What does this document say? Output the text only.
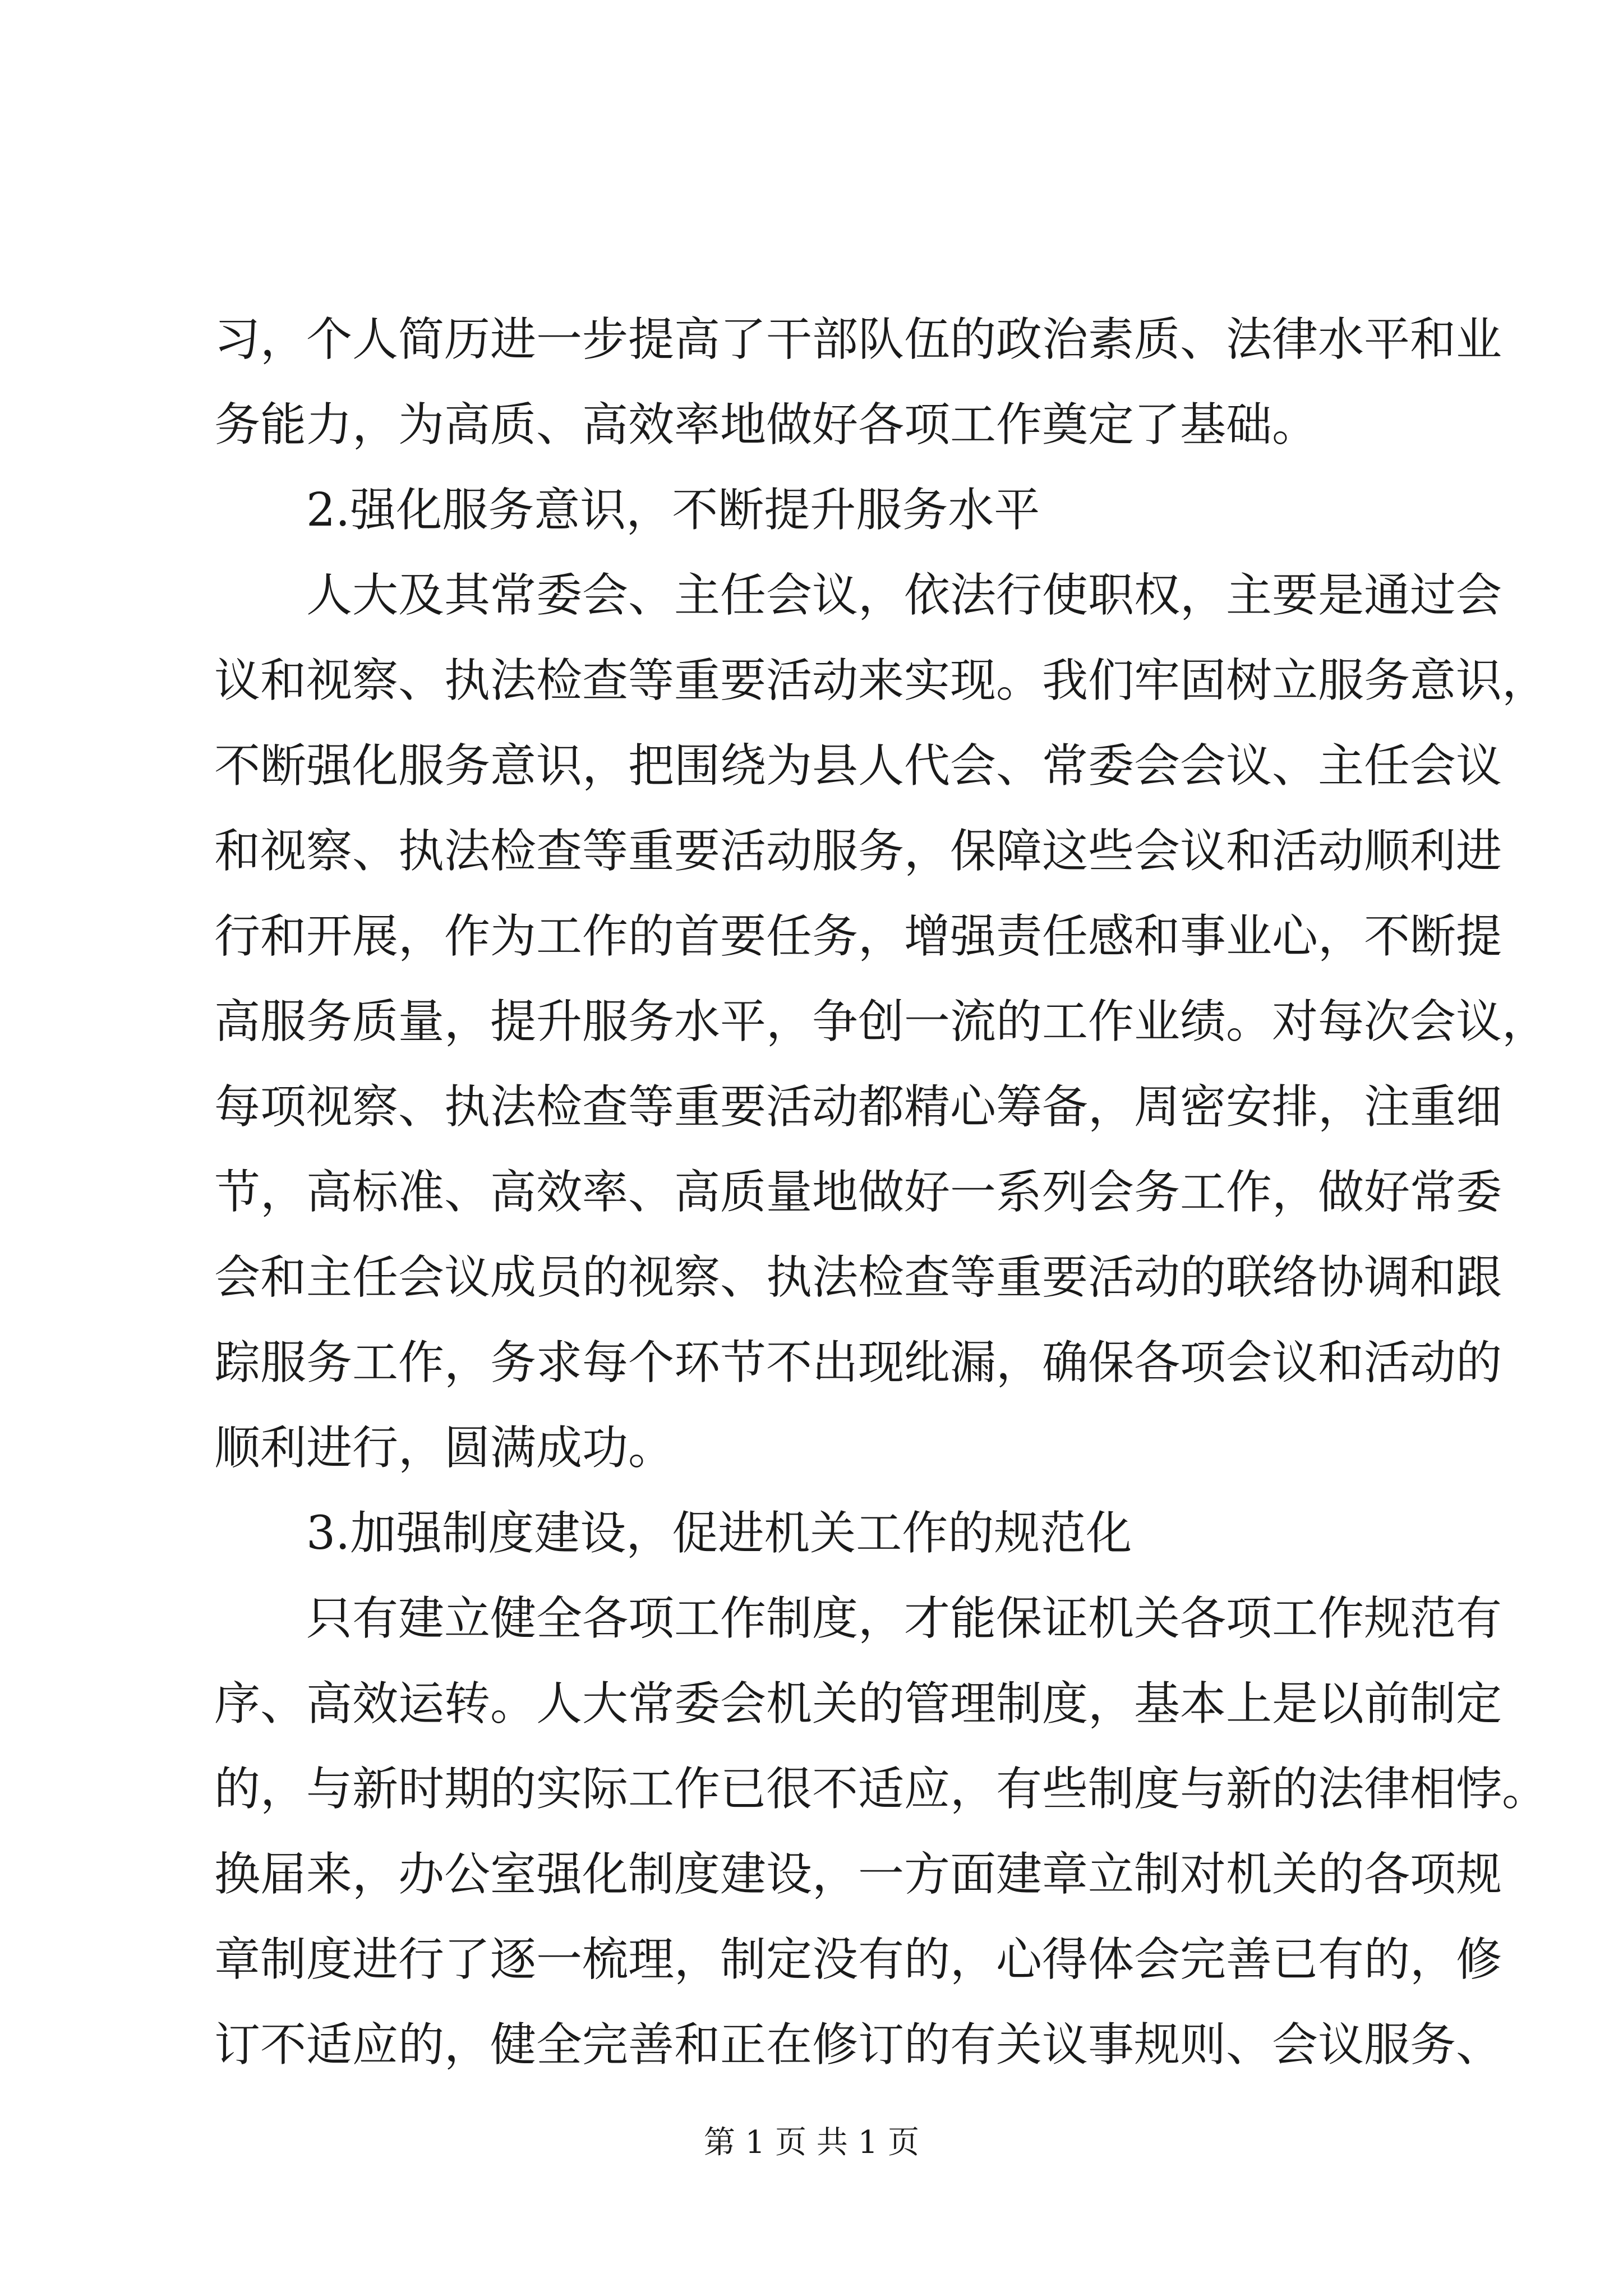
习，个人简历进一步提高了干部队伍的政治素质、法律水平和业
务能力，为高质、高效率地做好各项工作奠定了基础。
2.强化服务意识，不断提升服务水平
人大及其常委会、主任会议，依法行使职权，主要是通过会
议和视察、执法检查等重要活动来实现。我们牢固树立服务意识，
不断强化服务意识，把围绕为县人代会、常委会会议、主任会议
和视察、执法检查等重要活动服务，保障这些会议和活动顺利进
行和开展，作为工作的首要任务，增强责任感和事业心，不断提
高服务质量，提升服务水平，争创一流的工作业绩。对每次会议，
每项视察、执法检查等重要活动都精心筹备，周密安排，注重细
节，高标准、高效率、高质量地做好一系列会务工作，做好常委
会和主任会议成员的视察、执法检查等重要活动的联络协调和跟
踪服务工作，务求每个环节不出现纰漏，确保各项会议和活动的
顺利进行，圆满成功。
3.加强制度建设，促进机关工作的规范化
只有建立健全各项工作制度，才能保证机关各项工作规范有
序、高效运转。人大常委会机关的管理制度，基本上是以前制定
的，与新时期的实际工作已很不适应，有些制度与新的法律相悖。
换届来，办公室强化制度建设，一方面建章立制对机关的各项规
章制度进行了逐一梳理，制定没有的，心得体会完善已有的，修
订不适应的，健全完善和正在修订的有关议事规则、会议服务、
第 1 页 共 1 页
